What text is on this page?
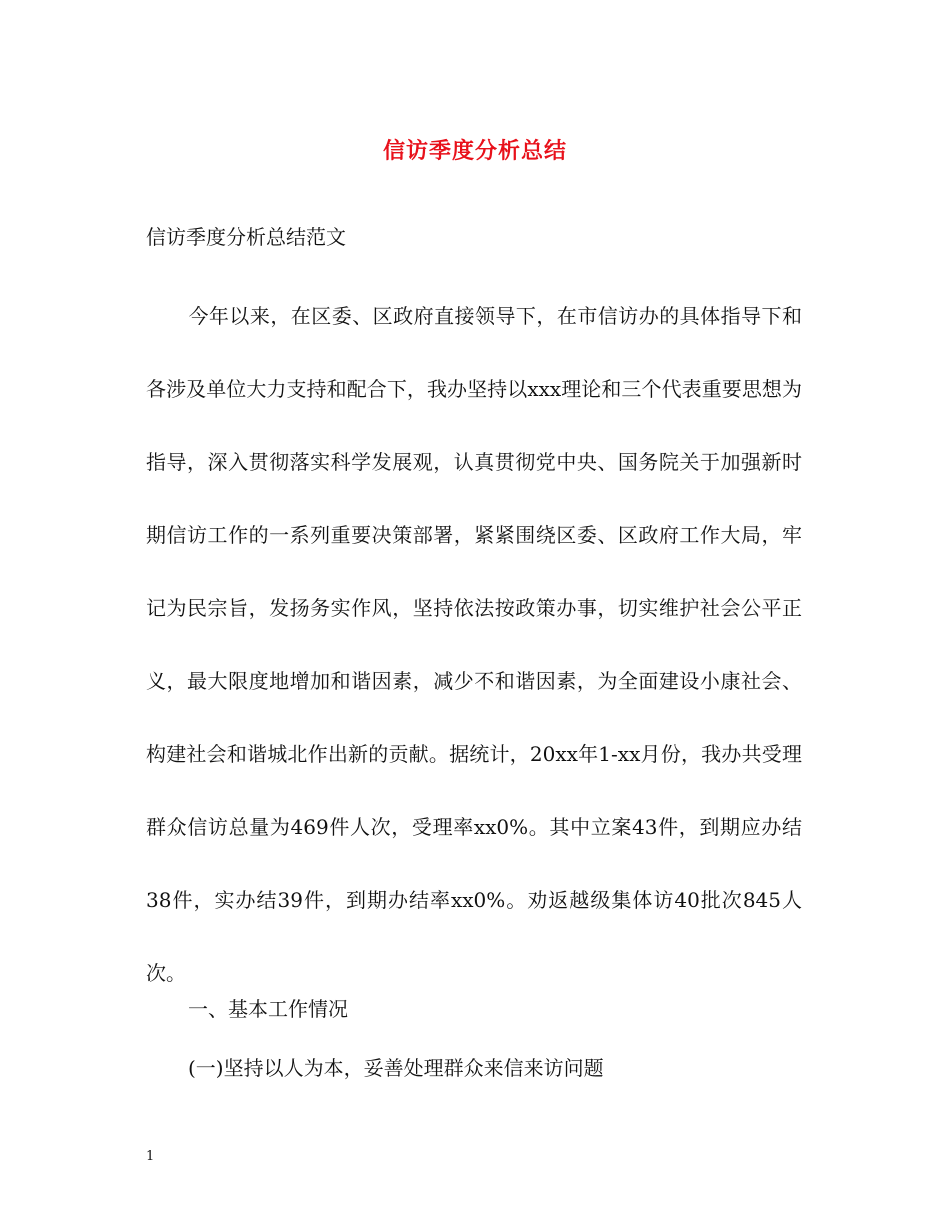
信访季度分析总结
信访季度分析总结范文

今年以来，在区委、区政府直接领导下，在市信访办的具体指导下和各涉及单位大力支持和配合下，我办坚持以xxx理论和三个代表重要思想为指导，深入贯彻落实科学发展观，认真贯彻党中央、国务院关于加强新时期信访工作的一系列重要决策部署，紧紧围绕区委、区政府工作大局，牢记为民宗旨，发扬务实作风，坚持依法按政策办事，切实维护社会公平正义，最大限度地增加和谐因素，减少不和谐因素，为全面建设小康社会、构建社会和谐城北作出新的贡献。据统计，20xx年1-xx月份，我办共受理群众信访总量为469件人次，受理率xx0%。其中立案43件，到期应办结38件，实办结39件，到期办结率xx0%。劝返越级集体访40批次845人次。

一、基本工作情况
(一)坚持以人为本，妥善处理群众来信来访问题
1
